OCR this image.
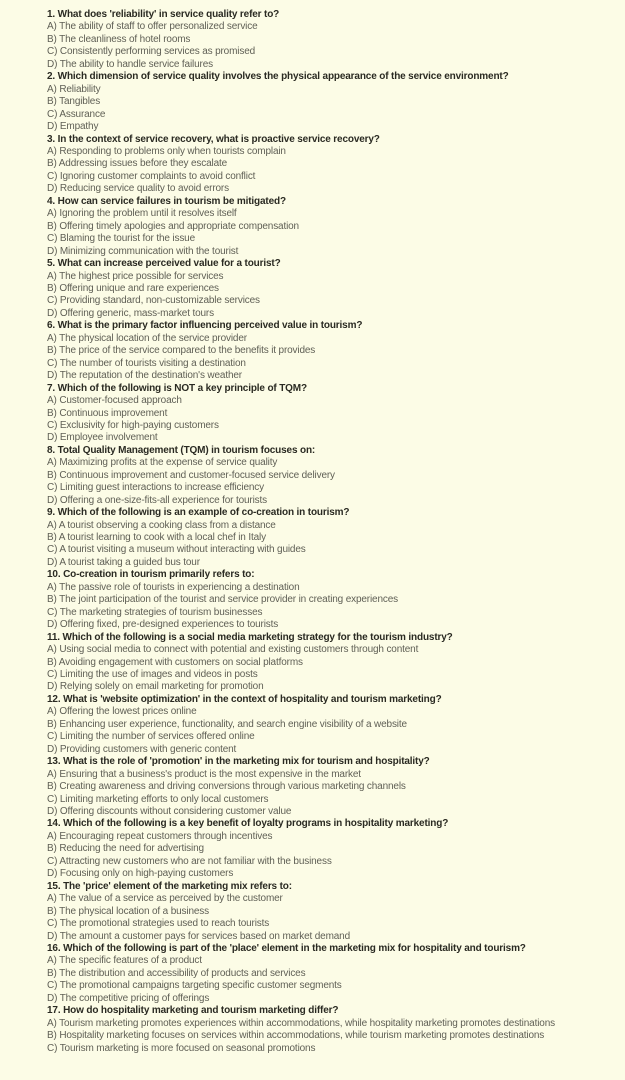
1. What does 'reliability' in service quality refer to?
A) The ability of staff to offer personalized service
B) The cleanliness of hotel rooms
C) Consistently performing services as promised
D) The ability to handle service failures
2. Which dimension of service quality involves the physical appearance of the service environment?
A) Reliability
B) Tangibles
C) Assurance
D) Empathy
3. In the context of service recovery, what is proactive service recovery?
A) Responding to problems only when tourists complain
B) Addressing issues before they escalate
C) Ignoring customer complaints to avoid conflict
D) Reducing service quality to avoid errors
4. How can service failures in tourism be mitigated?
A) Ignoring the problem until it resolves itself
B) Offering timely apologies and appropriate compensation
C) Blaming the tourist for the issue
D) Minimizing communication with the tourist
5. What can increase perceived value for a tourist?
A) The highest price possible for services
B) Offering unique and rare experiences
C) Providing standard, non-customizable services
D) Offering generic, mass-market tours
6. What is the primary factor influencing perceived value in tourism?
A) The physical location of the service provider
B) The price of the service compared to the benefits it provides
C) The number of tourists visiting a destination
D) The reputation of the destination's weather
7. Which of the following is NOT a key principle of TQM?
A) Customer-focused approach
B) Continuous improvement
C) Exclusivity for high-paying customers
D) Employee involvement
8. Total Quality Management (TQM) in tourism focuses on:
A) Maximizing profits at the expense of service quality
B) Continuous improvement and customer-focused service delivery
C) Limiting guest interactions to increase efficiency
D) Offering a one-size-fits-all experience for tourists
9. Which of the following is an example of co-creation in tourism?
A) A tourist observing a cooking class from a distance
B) A tourist learning to cook with a local chef in Italy
C) A tourist visiting a museum without interacting with guides
D) A tourist taking a guided bus tour
10. Co-creation in tourism primarily refers to:
A) The passive role of tourists in experiencing a destination
B) The joint participation of the tourist and service provider in creating experiences
C) The marketing strategies of tourism businesses
D) Offering fixed, pre-designed experiences to tourists
11. Which of the following is a social media marketing strategy for the tourism industry?
A) Using social media to connect with potential and existing customers through content
B) Avoiding engagement with customers on social platforms
C) Limiting the use of images and videos in posts
D) Relying solely on email marketing for promotion
12. What is 'website optimization' in the context of hospitality and tourism marketing?
A) Offering the lowest prices online
B) Enhancing user experience, functionality, and search engine visibility of a website
C) Limiting the number of services offered online
D) Providing customers with generic content
13. What is the role of 'promotion' in the marketing mix for tourism and hospitality?
A) Ensuring that a business's product is the most expensive in the market
B) Creating awareness and driving conversions through various marketing channels
C) Limiting marketing efforts to only local customers
D) Offering discounts without considering customer value
14. Which of the following is a key benefit of loyalty programs in hospitality marketing?
A) Encouraging repeat customers through incentives
B) Reducing the need for advertising
C) Attracting new customers who are not familiar with the business
D) Focusing only on high-paying customers
15. The 'price' element of the marketing mix refers to:
A) The value of a service as perceived by the customer
B) The physical location of a business
C) The promotional strategies used to reach tourists
D) The amount a customer pays for services based on market demand
16. Which of the following is part of the 'place' element in the marketing mix for hospitality and tourism?
A) The specific features of a product
B) The distribution and accessibility of products and services
C) The promotional campaigns targeting specific customer segments
D) The competitive pricing of offerings
17. How do hospitality marketing and tourism marketing differ?
A) Tourism marketing promotes experiences within accommodations, while hospitality marketing promotes destinations
B) Hospitality marketing focuses on services within accommodations, while tourism marketing promotes destinations
C) Tourism marketing is more focused on seasonal promotions
